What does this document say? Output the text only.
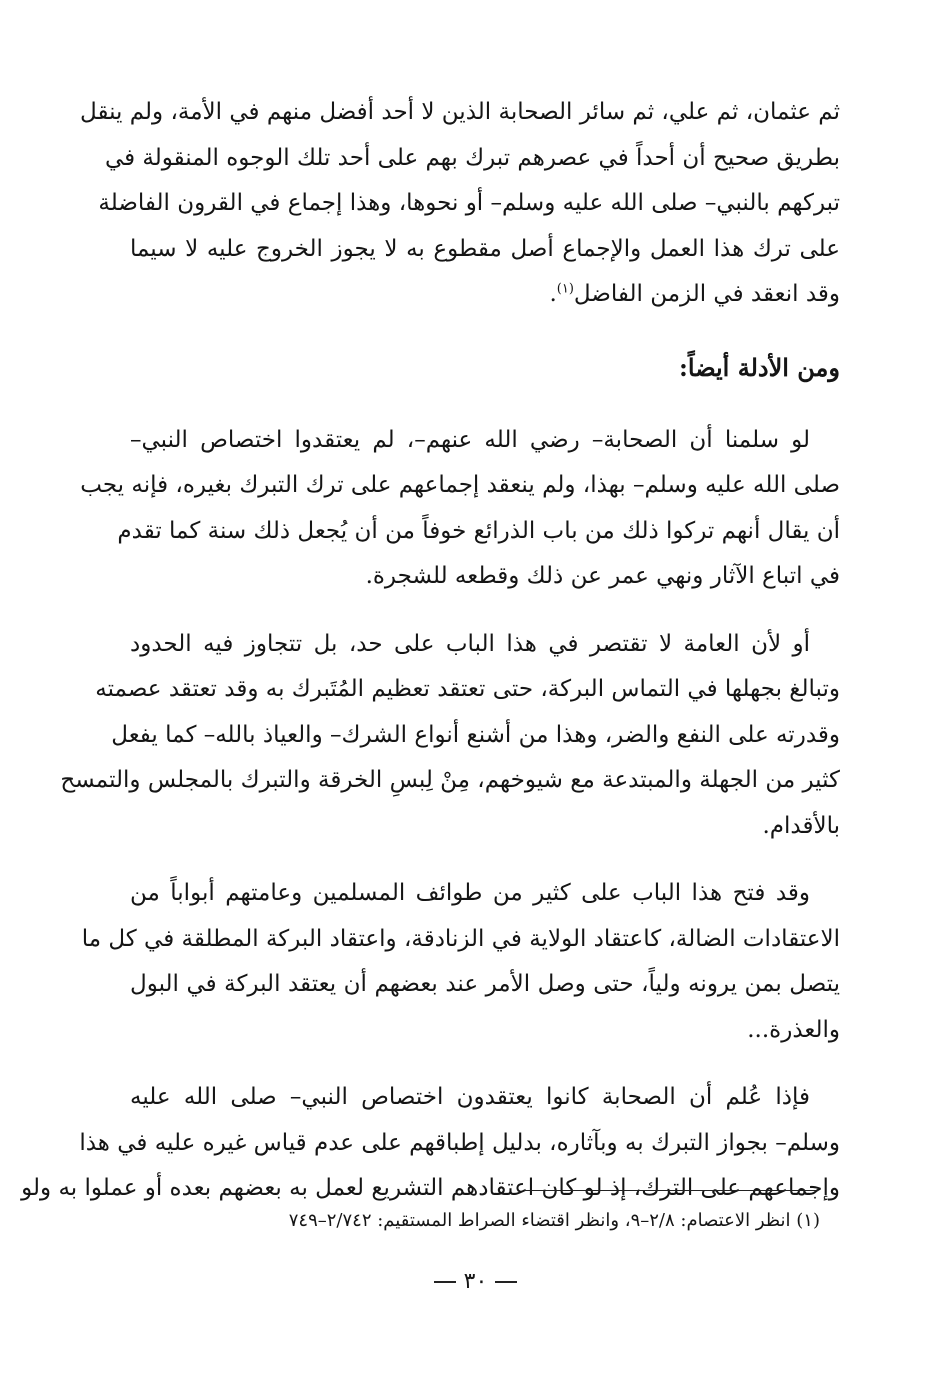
ثم عثمان، ثم علي، ثم سائر الصحابة الذين لا أحد أفضل منهم في الأمة، ولم ينقل
بطريق صحيح أن أحداً في عصرهم تبرك بهم على أحد تلك الوجوه المنقولة في
تبركهم بالنبي– صلى الله عليه وسلم– أو نحوها، وهذا إجماع في القرون الفاضلة
على ترك هذا العمل والإجماع أصل مقطوع به لا يجوز الخروج عليه لا سيما
وقد انعقد في الزمن الفاضل$^{(١)}$.
ومن الأدلة أيضاً:
لو سلمنا أن الصحابة– رضي الله عنهم–، لم يعتقدوا اختصاص النبي–
صلى الله عليه وسلم– بهذا، ولم ينعقد إجماعهم على ترك التبرك بغيره، فإنه يجب
أن يقال أنهم تركوا ذلك من باب الذرائع خوفاً من أن يُجعل ذلك سنة كما تقدم
في اتباع الآثار ونهي عمر عن ذلك وقطعه للشجرة.
أو لأن العامة لا تقتصر في هذا الباب على حد، بل تتجاوز فيه الحدود
وتبالغ بجهلها في التماس البركة، حتى تعتقد تعظيم المُتَبرك به وقد تعتقد عصمته
وقدرته على النفع والضر، وهذا من أشنع أنواع الشرك– والعياذ بالله– كما يفعل
كثير من الجهلة والمبتدعة مع شيوخهم، مِنْ لِبسِ الخرقة والتبرك بالمجلس والتمسح
بالأقدام.
وقد فتح هذا الباب على كثير من طوائف المسلمين وعامتهم أبواباً من
الاعتقادات الضالة، كاعتقاد الولاية في الزنادقة، واعتقاد البركة المطلقة في كل ما
يتصل بمن يرونه ولياً، حتى وصل الأمر عند بعضهم أن يعتقد البركة في البول
والعذرة...
فإذا عُلم أن الصحابة كانوا يعتقدون اختصاص النبي– صلى الله عليه
وسلم– بجواز التبرك به وبآثاره، بدليل إطباقهم على عدم قياس غيره عليه في هذا
وإجماعهم على الترك، إذ لو كان اعتقادهم التشريع لعمل به بعضهم بعده أو عملوا به ولو
(١) انظر الاعتصام: ٢/٨–٩، وانظر اقتضاء الصراط المستقيم: ٢/٧٤٢–٧٤٩
٣٠
